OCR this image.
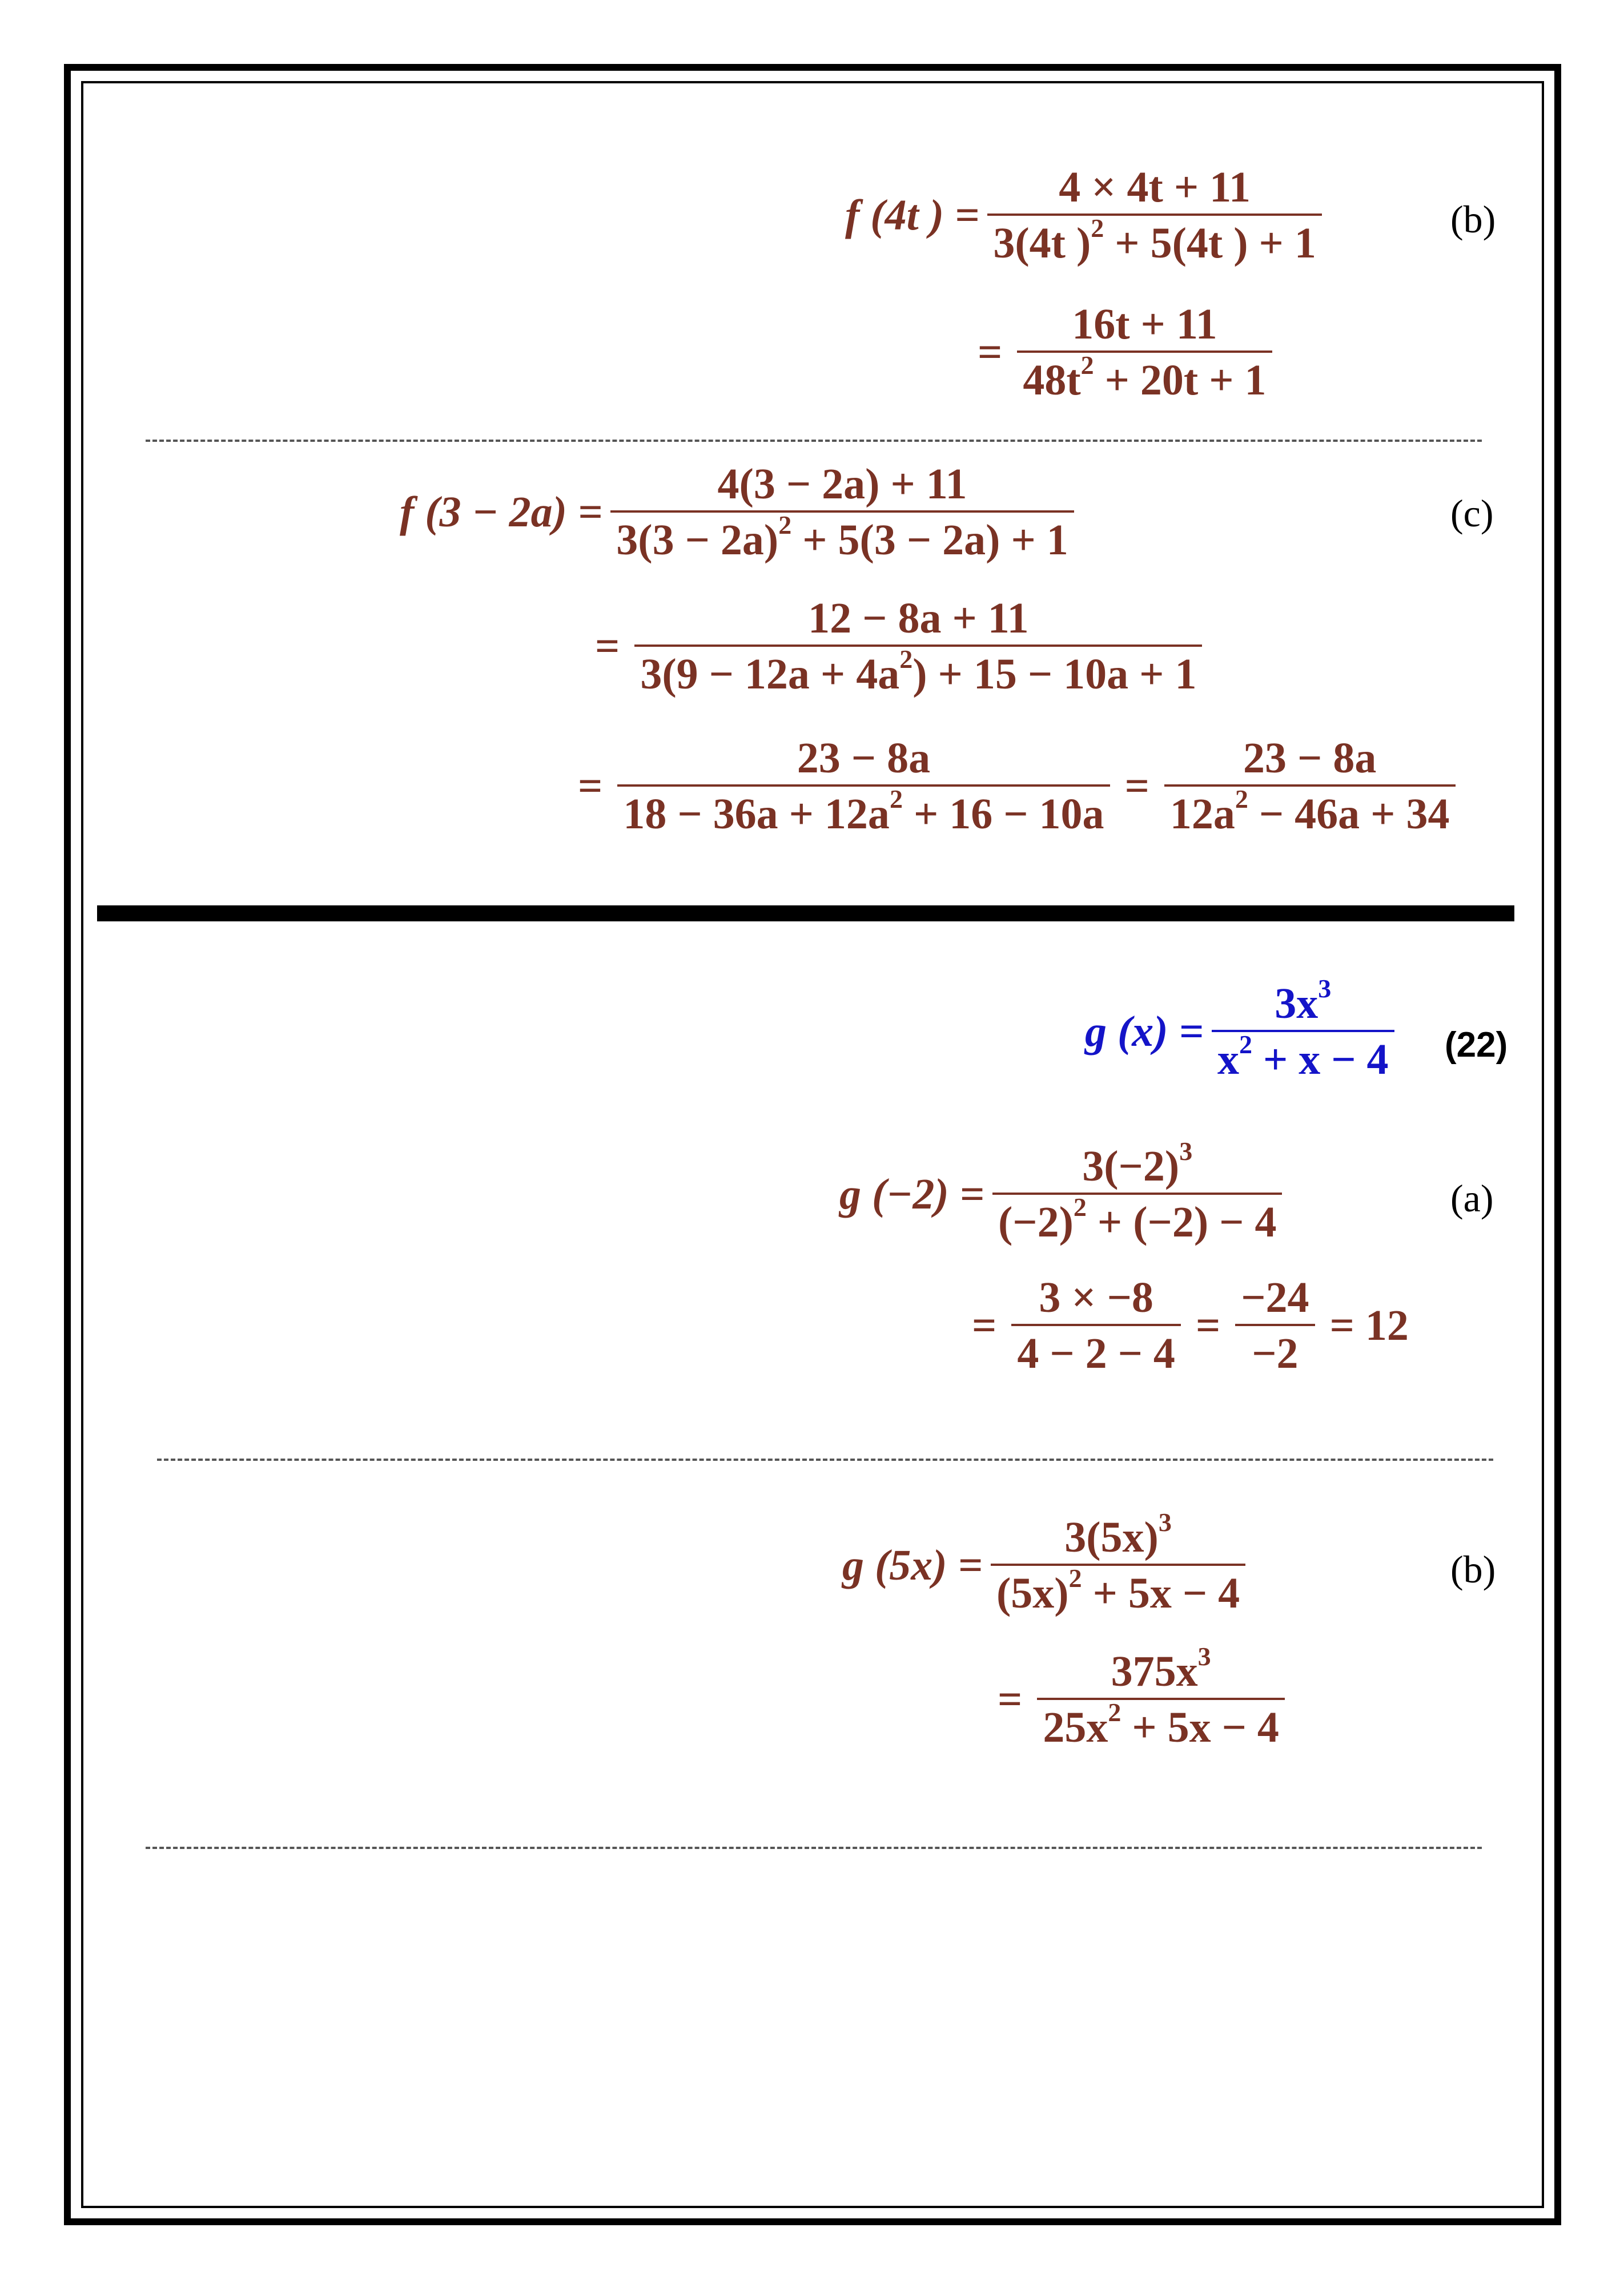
f (4t ) = $\frac{4 \times 4t + 11}{3(4t )^2 + 5(4t ) + 1}$	(b)
= $\frac{16t + 11}{48t^2 + 20t + 1}$
f $(3 - 2a) = \frac{4(3 - 2a) + 11}{3(3 - 2a)^2 + 5(3 - 2a) + 1}$	(c)
= $\frac{12 - 8a + 11}{3(9 - 12a + 4a^2) + 15 - 10a + 1}$
= $\frac{23 - 8a}{18 - 36a + 12a^2 + 16 - 10a} = \frac{23 - 8a}{12a^2 - 46a + 34}$
g $(x) = \frac{3x^3}{x^2 + x - 4} (22)$
g $(-2) = \frac{3(-2)^3}{(-2)^2 + (-2) - 4}$	(a)
= $\frac{3 \times -8}{4 - 2 - 4} = \frac{-24}{-2} = 12$
g $(5x) = \frac{3(5x)^3}{(5x)^2 + 5x - 4}$	(b)
= $\frac{375x^3}{25x^2 + 5x - 4}$
